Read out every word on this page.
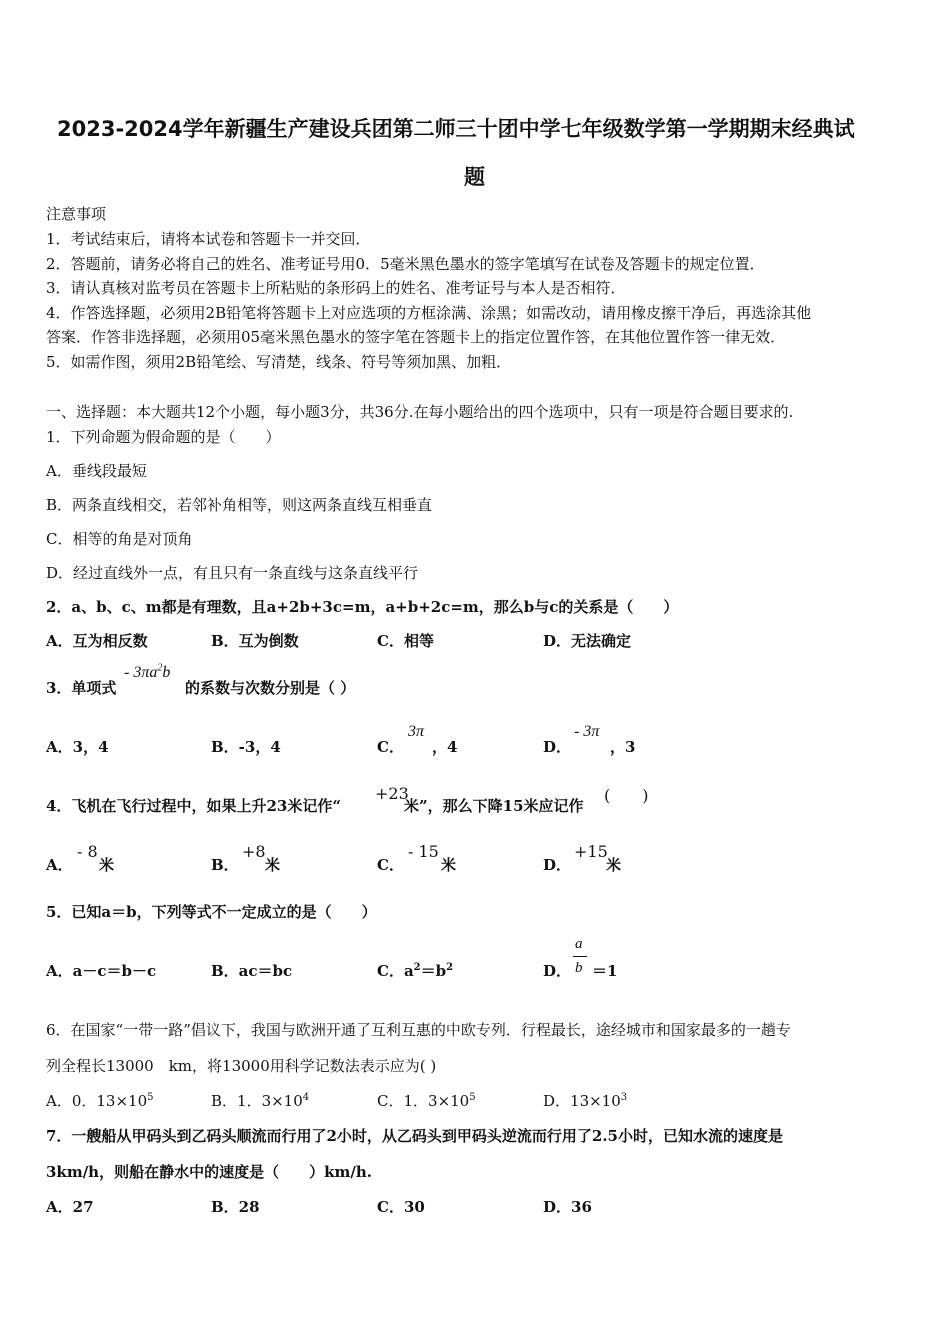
2023-2024学年新疆生产建设兵团第二师三十团中学七年级数学第一学期期末经典试
题
注意事项
1．考试结束后，请将本试卷和答题卡一并交回．
2．答题前，请务必将自己的姓名、准考证号用0．5毫米黑色墨水的签字笔填写在试卷及答题卡的规定位置．
3．请认真核对监考员在答题卡上所粘贴的条形码上的姓名、准考证号与本人是否相符．
4．作答选择题，必须用2B铅笔将答题卡上对应选项的方框涂满、涂黑；如需改动，请用橡皮擦干净后，再选涂其他
答案．作答非选择题，必须用05毫米黑色墨水的签字笔在答题卡上的指定位置作答，在其他位置作答一律无效．
5．如需作图，须用2B铅笔绘、写清楚，线条、符号等须加黑、加粗．
一、选择题：本大题共12个小题，每小题3分，共36分.在每小题给出的四个选项中，只有一项是符合题目要求的.
1．下列命题为假命题的是（　　）
A．垂线段最短
B．两条直线相交，若邻补角相等，则这两条直线互相垂直
C．相等的角是对顶角
D．经过直线外一点，有且只有一条直线与这条直线平行
2．a、b、c、m都是有理数，且a+2b+3c=m，a+b+2c=m，那么b与c的关系是（　　）
A．互为相反数	B．互为倒数	C．相等	D．无法确定
3．单项式
- $3\pi a^2b$
的系数与次数分别是（ ）
A．3，4	B．-3，4	C．
3π
，4	D．
- 3π
，3
4．飞机在飞行过程中，如果上升23米记作“
+23
米”，那么下降15米应记作
(　　)
A．
- 8
米	B．
+8
米	C．
- 15
米	D．
+15
米
5．已知a＝b，下列等式不一定成立的是（　　）
A．a－c＝b－c	B．ac＝bc	C．$a^2=b^2$	D．
a
b ＝1
6．在国家“一带一路”倡议下，我国与欧洲开通了互利互惠的中欧专列．行程最长，途经城市和国家最多的一趟专
列全程长13000　km，将13000用科学记数法表示应为( )
A．0．$13\times 10^5$	B．1．$3\times 10^4$	C．1．$3\times 10^5$	D．$13\times 10^3$
7．一艘船从甲码头到乙码头顺流而行用了2小时，从乙码头到甲码头逆流而行用了2.5小时，已知水流的速度是
3km/h，则船在静水中的速度是（　　）km/h.
A．27	B．28	C．30	D．36
